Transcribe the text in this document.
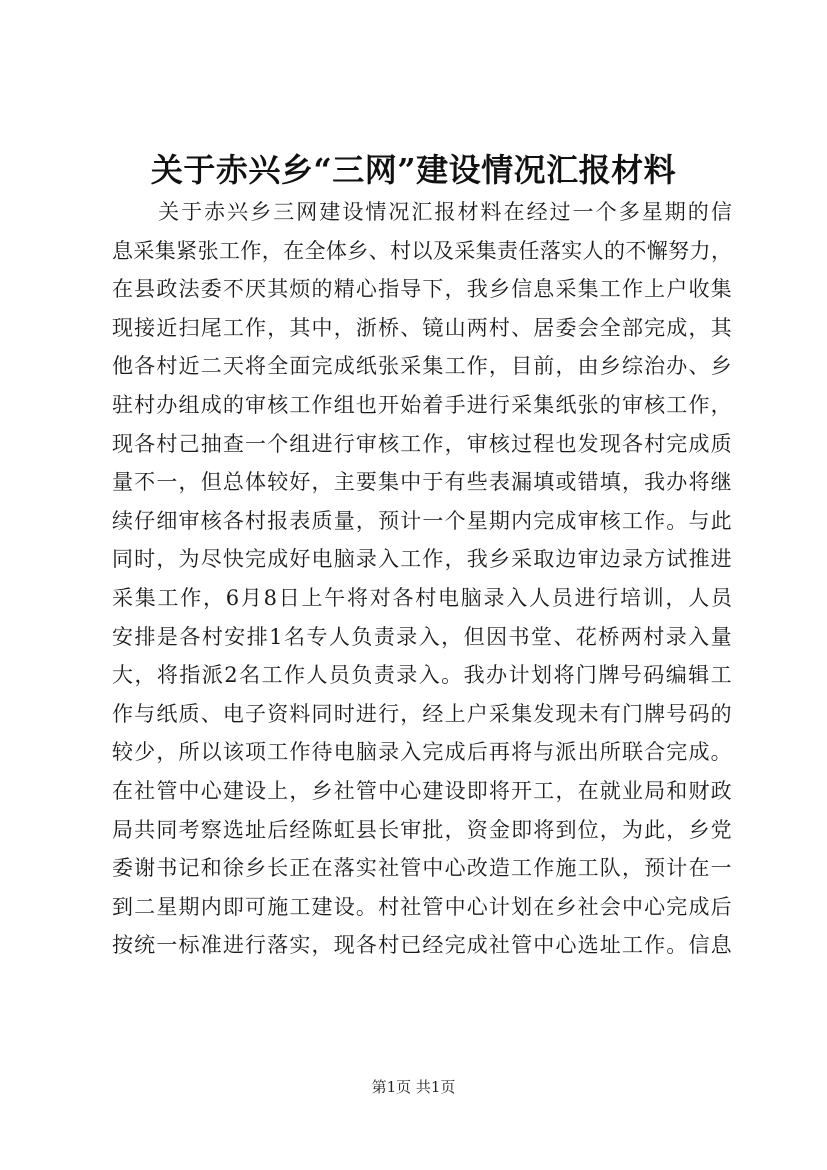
关于赤兴乡“三网”建设情况汇报材料

关 于 赤 兴 乡 三 网 建 设 情 况 汇 报 材 料 在 经 过 一 个 多 星 期 的 信
息 采 集 紧 张 工 作 ， 在 全 体 乡 、 村 以 及 采 集 责 任 落 实 人 的 不 懈 努 力 ，
在 县 政 法 委 不 厌 其 烦 的 精 心 指 导 下 ， 我 乡 信 息 采 集 工 作 上 户 收 集
现 接 近 扫 尾 工 作 ， 其 中 ， 浙 桥 、 镜 山 两 村 、 居 委 会 全 部 完 成 ， 其
他 各 村 近 二 天 将 全 面 完 成 纸 张 采 集 工 作 ， 目 前 ， 由 乡 综 治 办 、 乡
驻 村 办 组 成 的 审 核 工 作 组 也 开 始 着 手 进 行 采 集 纸 张 的 审 核 工 作 ，
现 各 村 己 抽 查 一 个 组 进 行 审 核 工 作 ， 审 核 过 程 也 发 现 各 村 完 成 质
量 不 一 ， 但 总 体 较 好 ， 主 要 集 中 于 有 些 表 漏 填 或 错 填 ， 我 办 将 继
续 仔 细 审 核 各 村 报 表 质 量 ， 预 计 一 个 星 期 内 完 成 审 核 工 作 。 与 此
同 时 ， 为 尽 快 完 成 好 电 脑 录 入 工 作 ， 我 乡 采 取 边 审 边 录 方 试 推 进
采 集 工 作 ， 6 月 8 日 上 午 将 对 各 村 电 脑 录 入 人 员 进 行 培 训 ， 人 员
安 排 是 各 村 安 排 1 名 专 人 负 责 录 入 ， 但 因 书 堂 、 花 桥 两 村 录 入 量
大 ， 将 指 派 2 名 工 作 人 员 负 责 录 入 。 我 办 计 划 将 门 牌 号 码 编 辑 工
作 与 纸 质 、 电 子 资 料 同 时 进 行 ， 经 上 户 采 集 发 现 未 有 门 牌 号 码 的
较 少 ， 所 以 该 项 工 作 待 电 脑 录 入 完 成 后 再 将 与 派 出 所 联 合 完 成 。
在 社 管 中 心 建 设 上 ， 乡 社 管 中 心 建 设 即 将 开 工 ， 在 就 业 局 和 财 政
局 共 同 考 察 选 址 后 经 陈 虹 县 长 审 批 ， 资 金 即 将 到 位 ， 为 此 ， 乡 党
委 谢 书 记 和 徐 乡 长 正 在 落 实 社 管 中 心 改 造 工 作 施 工 队 ， 预 计 在 一
到 二 星 期 内 即 可 施 工 建 设 。 村 社 管 中 心 计 划 在 乡 社 会 中 心 完 成 后
按 统 一 标 准 进 行 落 实 ， 现 各 村 已 经 完 成 社 管 中 心 选 址 工 作 。 信 息
第1页 共1页
